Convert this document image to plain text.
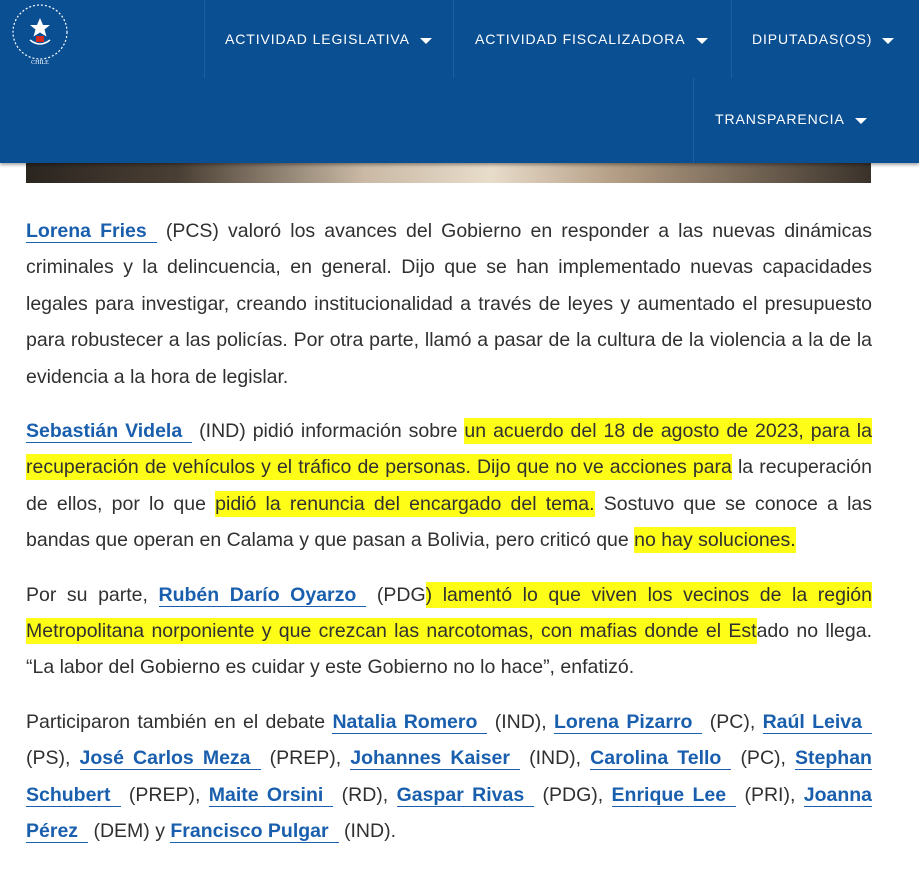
CHILE
ACTIVIDAD LEGISLATIVA	ACTIVIDAD FISCALIZADORA	DIPUTADAS(OS)
TRANSPARENCIA

Lorena Fries (PCS) valoró los avances del Gobierno en responder a las nuevas dinámicas criminales y la delincuencia, en general. Dijo que se han implementado nuevas capacidades legales para investigar, creando institucionalidad a través de leyes y aumentado el presupuesto para robustecer a las policías. Por otra parte, llamó a pasar de la cultura de la violencia a la de la evidencia a la hora de legislar.

Sebastián Videla (IND) pidió información sobre un acuerdo del 18 de agosto de 2023, para la recuperación de vehículos y el tráfico de personas. Dijo que no ve acciones para la recuperación de ellos, por lo que pidió la renuncia del encargado del tema. Sostuvo que se conoce a las bandas que operan en Calama y que pasan a Bolivia, pero criticó que no hay soluciones.

Por su parte, Rubén Darío Oyarzo (PDG) lamentó lo que viven los vecinos de la región Metropolitana norponiente y que crezcan las narcotomas, con mafias donde el Estado no llega. “La labor del Gobierno es cuidar y este Gobierno no lo hace”, enfatizó.

Participaron también en el debate Natalia Romero (IND), Lorena Pizarro (PC), Raúl Leiva (PS), José Carlos Meza (PREP), Johannes Kaiser (IND), Carolina Tello (PC), Stephan Schubert (PREP), Maite Orsini (RD), Gaspar Rivas (PDG), Enrique Lee (PRI), Joanna Pérez (DEM) y Francisco Pulgar (IND).
